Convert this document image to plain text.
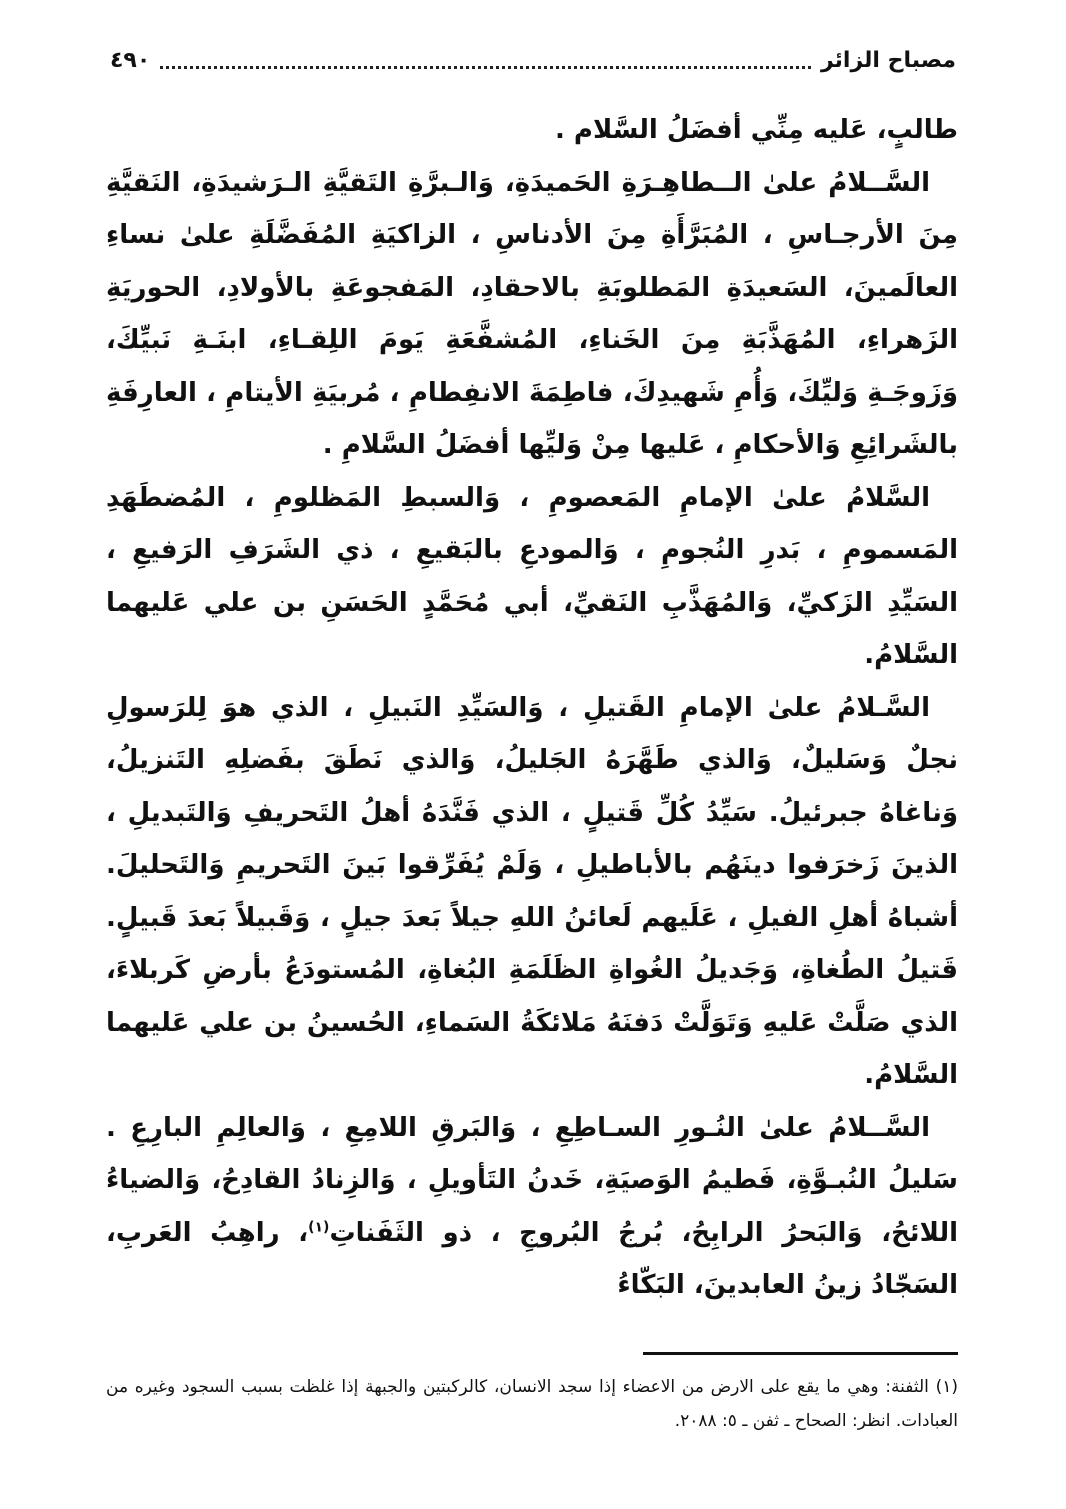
مصباح الزائر
٤٩٠

طالبٍ، عَليه مِنِّي أفضَلُ السَّلام .

السَّــلامُ علىٰ الــطاهِـرَةِ الحَميدَةِ، وَالـبرَّةِ التَقيَّةِ الـرَشيدَةِ، النَقيَّةِ مِنَ الأرجـاسِ ، المُبَرَّأَةِ مِنَ الأدناسِ ، الزاكيَةِ المُفَضَّلَةِ علىٰ نساءِ العالَمينَ، السَعيدَةِ المَطلوبَةِ بالاحقادِ، المَفجوعَةِ بالأولادِ، الحوريَةِ الزَهراءِ، المُهَذَّبَةِ مِنَ الخَناءِ، المُشفَّعَةِ يَومَ اللِقـاءِ، ابنَـةِ نَبيِّكَ، وَزَوجَـةِ وَليِّكَ، وَأُمِ شَهيدِكَ، فاطِمَةَ الانفِطامِ ، مُربيَةِ الأيتامِ ، العارِفَةِ بالشَرائِعِ وَالأحكامِ ، عَليها مِنْ وَليِّها أفضَلُ السَّلامِ .

السَّلامُ علىٰ الإمامِ المَعصومِ ، وَالسبطِ المَظلومِ ، المُضطَهَدِ المَسمومِ ، بَدرِ النُجومِ ، وَالمودعِ بالبَقيعِ ، ذي الشَرَفِ الرَفيعِ ، السَيِّدِ الزَكيِّ، وَالمُهَذَّبِ النَقيِّ، أبي مُحَمَّدٍ الحَسَنِ بن علي عَليهما السَّلامُ.

السَّـلامُ علىٰ الإمامِ القَتيلِ ، وَالسَيِّدِ النَبيلِ ، الذي هوَ لِلرَسولِ نجلٌ وَسَليلٌ، وَالذي طَهَّرَهُ الجَليلُ، وَالذي نَطَقَ بفَضلِهِ التَنزيلُ، وَناغاهُ جبرئيلُ. سَيِّدُ كُلِّ قَتيلٍ ، الذي فَنَّدَهُ أهلُ التَحريفِ وَالتَبديلِ ، الذينَ زَخرَفوا دينَهُم بالأباطيلِ ، وَلَمْ يُفَرِّقوا بَينَ التَحريمِ وَالتَحليلَ. أشباهُ أهلِ الفيلِ ، عَلَيهم لَعائنُ اللهِ جيلاً بَعدَ جيلٍ ، وَقَبيلاً بَعدَ قَبيلٍ. قَتيلُ الطُغاةِ، وَجَديلُ الغُواةِ الظَلَمَةِ البُغاةِ، المُستودَعُ بأرضِ كَربلاءَ، الذي صَلَّتْ عَليهِ وَتَوَلَّتْ دَفنَهُ مَلائكَةُ السَماءِ، الحُسينُ بن علي عَليهما السَّلامُ.

السَّــلامُ علىٰ النُـورِ السـاطِعِ ، وَالبَرقِ اللامِعِ ، وَالعالِمِ البارِعِ . سَليلُ النُبـوَّةِ، فَطيمُ الوَصيَةِ، خَدنُ التَأويلِ ، وَالزِنادُ القادِحُ، وَالضياءُ اللائحُ، وَالبَحرُ الرابِحُ، بُرجُ البُروجِ ، ذو الثَفَناتِ$^{(١)}$، راهِبُ العَربِ، السَجّادُ زينُ العابدينَ، البَكّاءُ

(١) الثفنة: وهي ما يقع على الارض من الاعضاء إذا سجد الانسان، كالركبتين والجبهة إذا غلظت بسبب السجود وغيره من العبادات. انظر: الصحاح ـ ثفن ـ ٥: ٢٠٨٨.
